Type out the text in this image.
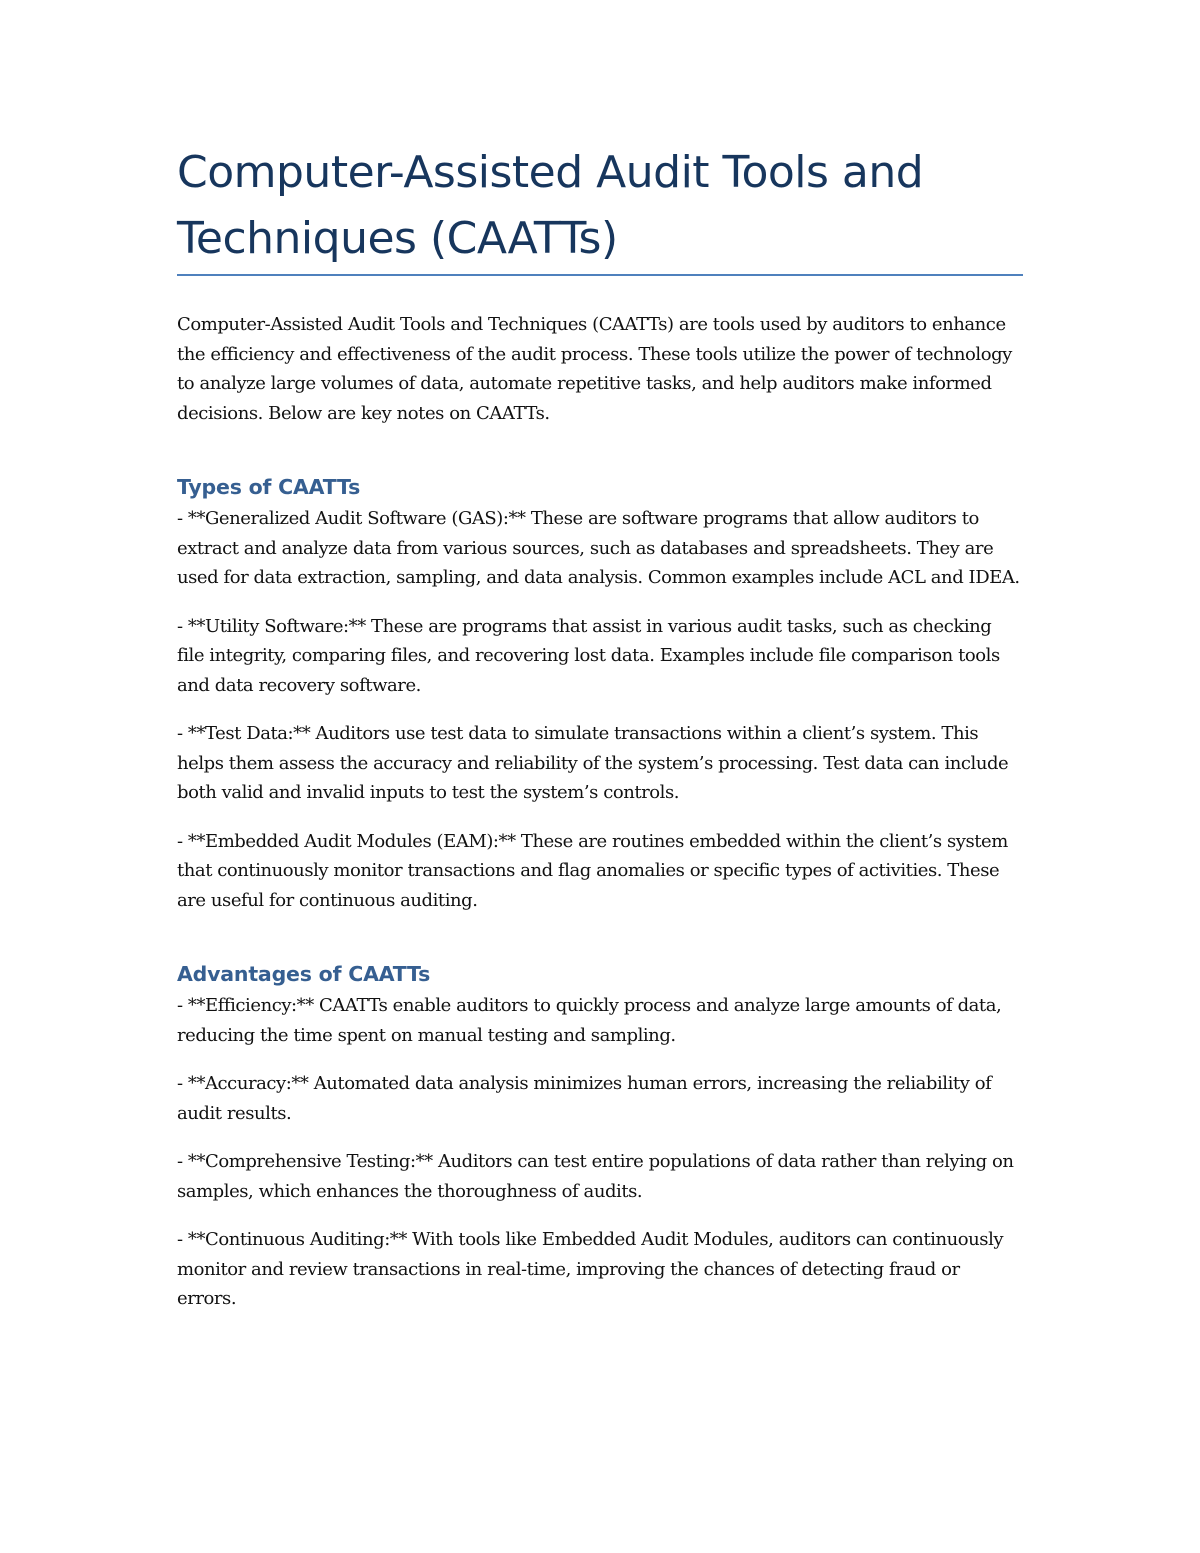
Computer-Assisted Audit Tools and Techniques (CAATTs)

Computer-Assisted Audit Tools and Techniques (CAATTs) are tools used by auditors to enhance the efficiency and effectiveness of the audit process. These tools utilize the power of technology to analyze large volumes of data, automate repetitive tasks, and help auditors make informed decisions. Below are key notes on CAATTs.

Types of CAATTs

- **Generalized Audit Software (GAS):** These are software programs that allow auditors to extract and analyze data from various sources, such as databases and spreadsheets. They are used for data extraction, sampling, and data analysis. Common examples include ACL and IDEA.

- **Utility Software:** These are programs that assist in various audit tasks, such as checking file integrity, comparing files, and recovering lost data. Examples include file comparison tools and data recovery software.

- **Test Data:** Auditors use test data to simulate transactions within a client’s system. This helps them assess the accuracy and reliability of the system’s processing. Test data can include both valid and invalid inputs to test the system’s controls.

- **Embedded Audit Modules (EAM):** These are routines embedded within the client’s system that continuously monitor transactions and flag anomalies or specific types of activities. These are useful for continuous auditing.

Advantages of CAATTs

- **Efficiency:** CAATTs enable auditors to quickly process and analyze large amounts of data, reducing the time spent on manual testing and sampling.

- **Accuracy:** Automated data analysis minimizes human errors, increasing the reliability of audit results.

- **Comprehensive Testing:** Auditors can test entire populations of data rather than relying on samples, which enhances the thoroughness of audits.

- **Continuous Auditing:** With tools like Embedded Audit Modules, auditors can continuously monitor and review transactions in real-time, improving the chances of detecting fraud or errors.
